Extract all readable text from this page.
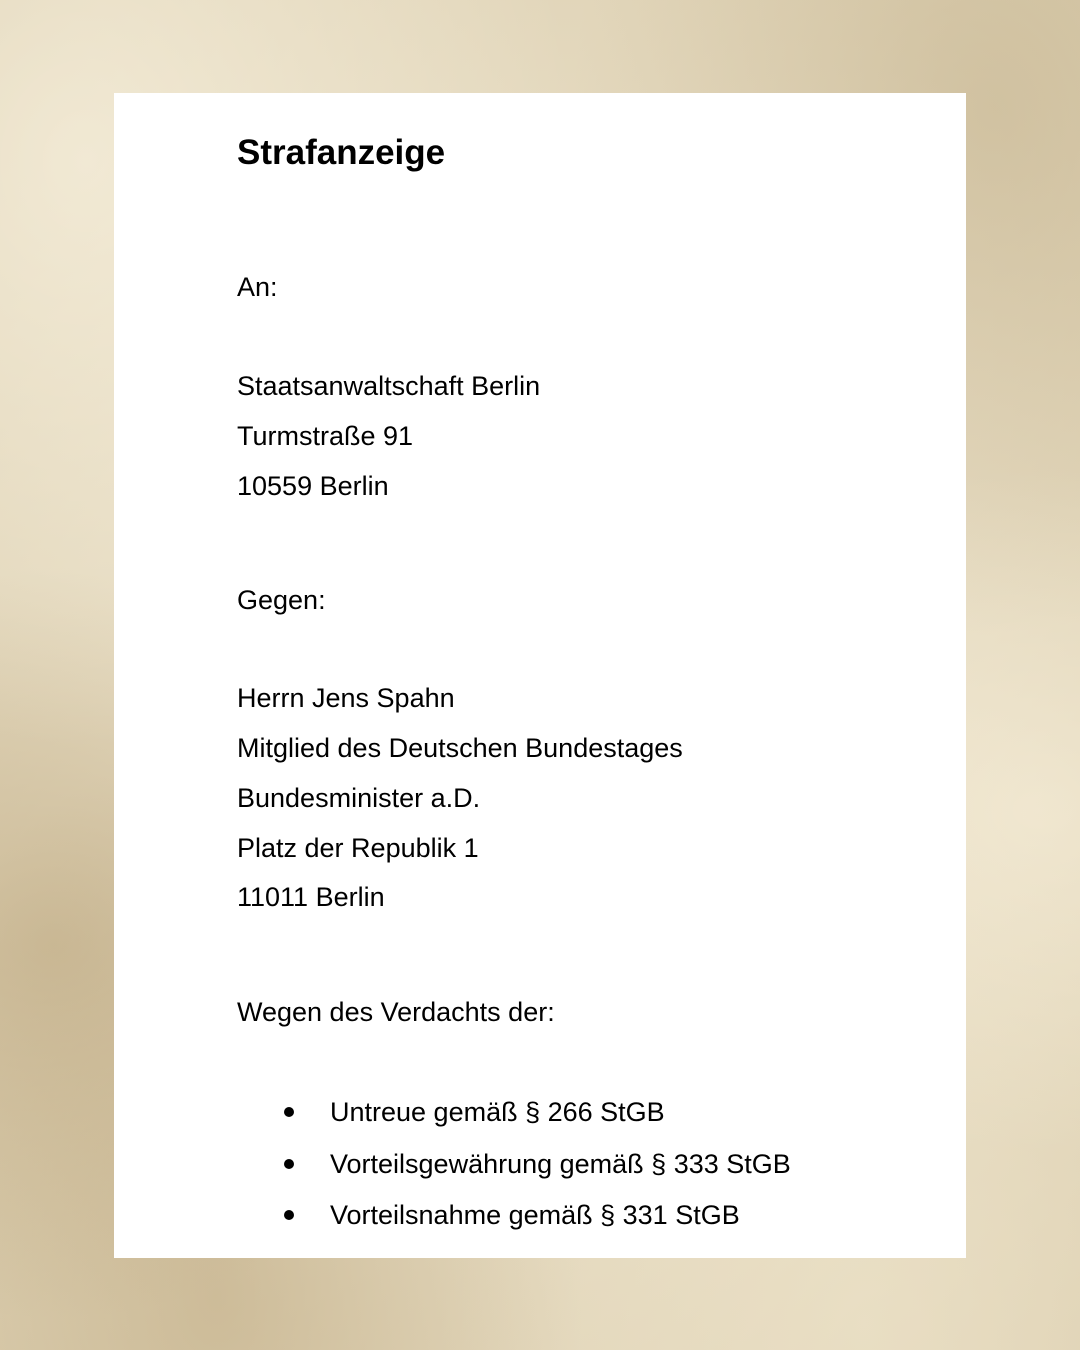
Strafanzeige

An:

Staatsanwaltschaft Berlin

Turmstraße 91

10559 Berlin

Gegen:

Herrn Jens Spahn

Mitglied des Deutschen Bundestages

Bundesminister a.D.

Platz der Republik 1

11011 Berlin

Wegen des Verdachts der:

Untreue gemäß § 266 StGB

Vorteilsgewährung gemäß § 333 StGB

Vorteilsnahme gemäß § 331 StGB
